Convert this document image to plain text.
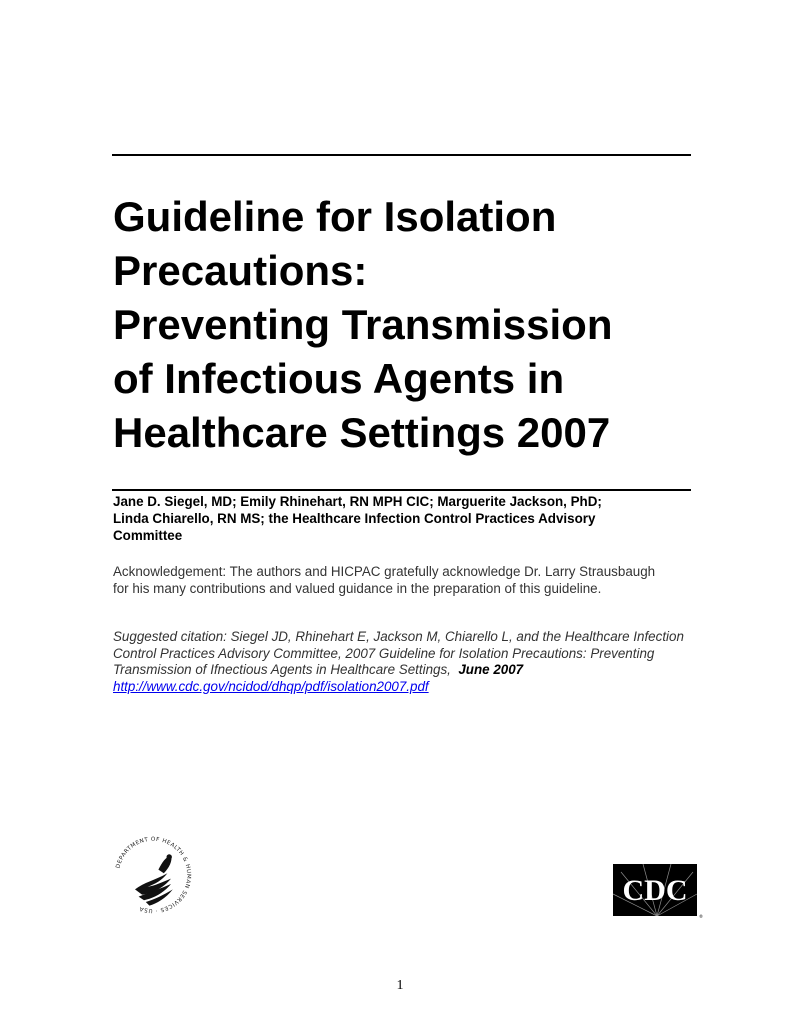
Guideline for Isolation
Precautions:
Preventing Transmission
of Infectious Agents in
Healthcare Settings 2007

Jane D. Siegel, MD; Emily Rhinehart, RN MPH CIC; Marguerite Jackson, PhD;
Linda Chiarello, RN MS; the Healthcare Infection Control Practices Advisory
Committee

Acknowledgement: The authors and HICPAC gratefully acknowledge Dr. Larry Strausbaugh
for his many contributions and valued guidance in the preparation of this guideline.

Suggested citation: Siegel JD, Rhinehart E, Jackson M, Chiarello L, and the Healthcare Infection
Control Practices Advisory Committee, 2007 Guideline for Isolation Precautions: Preventing
Transmission of Ifnectious Agents in Healthcare Settings, June 2007
http://www.cdc.gov/ncidod/dhqp/pdf/isolation2007.pdf

DEPARTMENT OF HEALTH & HUMAN SERVICES · USA
CDC
®
1
